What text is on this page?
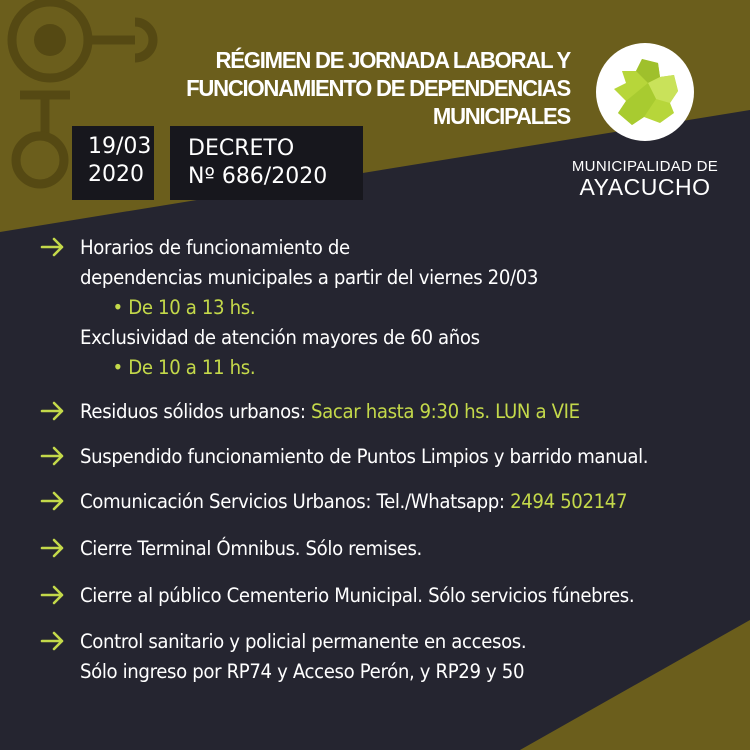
RÉGIMEN DE JORNADA LABORAL Y
FUNCIONAMIENTO DE DEPENDENCIAS MUNICIPALES
19/03
2020
DECRETO
Nº 686/2020	MUNICIPALIDAD DE
AYACUCHO
Horarios de funcionamiento de
dependencias municipales a partir del viernes 20/03
• De 10 a 13 hs.
Exclusividad de atención mayores de 60 años
• De 10 a 11 hs.
Residuos sólidos urbanos: Sacar hasta 9:30 hs. LUN a VIE
Suspendido funcionamiento de Puntos Limpios y barrido manual.
Comunicación Servicios Urbanos: Tel./Whatsapp: 2494 502147
Cierre Terminal Ómnibus. Sólo remises.
Cierre al público Cementerio Municipal. Sólo servicios fúnebres.
Control sanitario y policial permanente en accesos.
Sólo ingreso por RP74 y Acceso Perón, y RP29 y 50
